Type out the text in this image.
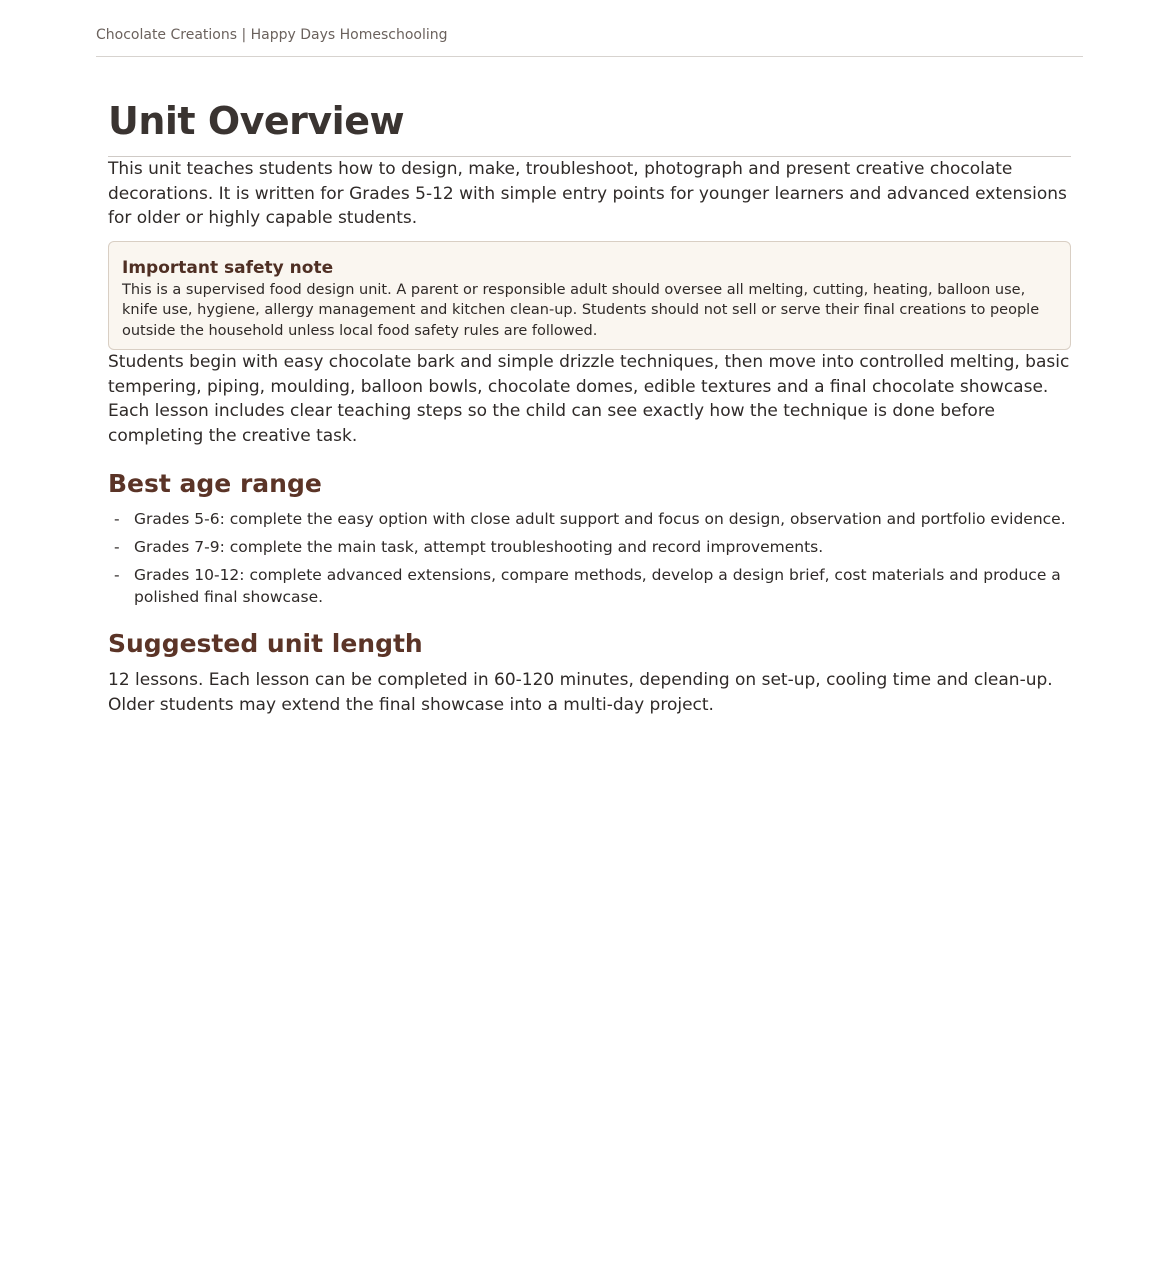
Chocolate Creations | Happy Days Homeschooling
Unit Overview

This unit teaches students how to design, make, troubleshoot, photograph and present creative chocolate decorations. It is written for Grades 5-12 with simple entry points for younger learners and advanced extensions for older or highly capable students.

Important safety note
This is a supervised food design unit. A parent or responsible adult should oversee all melting, cutting, heating, balloon use, knife use, hygiene, allergy management and kitchen clean-up. Students should not sell or serve their final creations to people outside the household unless local food safety rules are followed.

Students begin with easy chocolate bark and simple drizzle techniques, then move into controlled melting, basic tempering, piping, moulding, balloon bowls, chocolate domes, edible textures and a final chocolate showcase. Each lesson includes clear teaching steps so the child can see exactly how the technique is done before completing the creative task.

Best age range
- Grades 5-6: complete the easy option with close adult support and focus on design, observation and portfolio evidence.
- Grades 7-9: complete the main task, attempt troubleshooting and record improvements.
- Grades 10-12: complete advanced extensions, compare methods, develop a design brief, cost materials and produce a polished final showcase.
Suggested unit length

12 lessons. Each lesson can be completed in 60-120 minutes, depending on set-up, cooling time and clean-up. Older students may extend the final showcase into a multi-day project.
